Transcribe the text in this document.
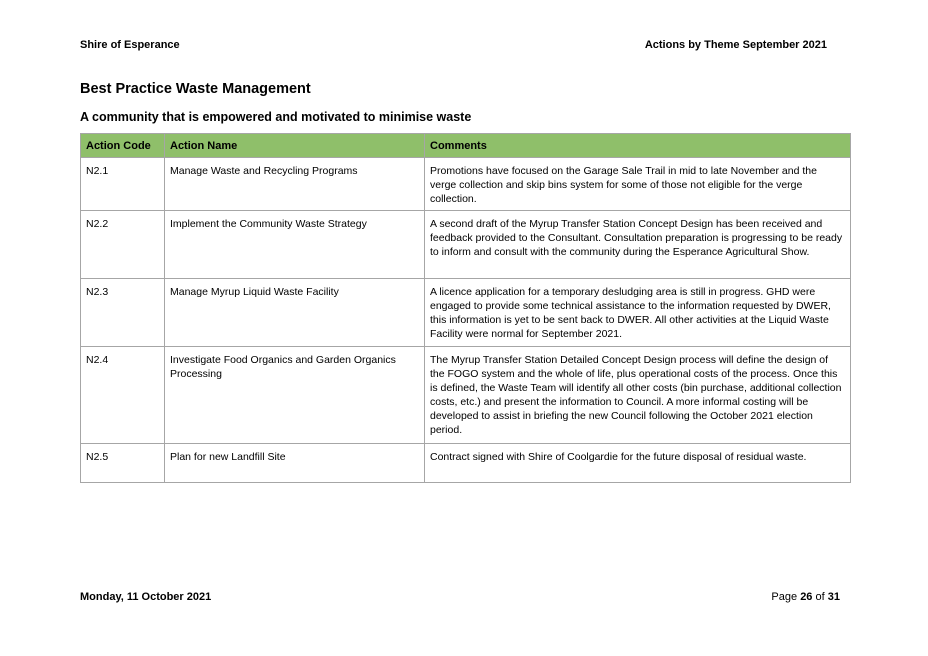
Shire of Esperance	Actions by Theme September 2021
Best Practice Waste Management
A community that is empowered and motivated to minimise waste
Action Code	Action Name	Comments
N2.1	Manage Waste and Recycling Programs	Promotions have focused on the Garage Sale Trail in mid to late November and the verge collection and skip bins system for some of those not eligible for the verge collection.
N2.2	Implement the Community Waste Strategy	A second draft of the Myrup Transfer Station Concept Design has been received and feedback provided to the Consultant. Consultation preparation is progressing to be ready to inform and consult with the community during the Esperance Agricultural Show.
N2.3	Manage Myrup Liquid Waste Facility	A licence application for a temporary desludging area is still in progress. GHD were engaged to provide some technical assistance to the information requested by DWER, this information is yet to be sent back to DWER. All other activities at the Liquid Waste Facility were normal for September 2021.
N2.4	Investigate Food Organics and Garden Organics Processing	The Myrup Transfer Station Detailed Concept Design process will define the design of the FOGO system and the whole of life, plus operational costs of the process. Once this is defined, the Waste Team will identify all other costs (bin purchase, additional collection costs, etc.) and present the information to Council. A more informal costing will be developed to assist in briefing the new Council following the October 2021 election period.
N2.5	Plan for new Landfill Site	Contract signed with Shire of Coolgardie for the future disposal of residual waste.
Monday, 11 October 2021	Page 26 of 31
